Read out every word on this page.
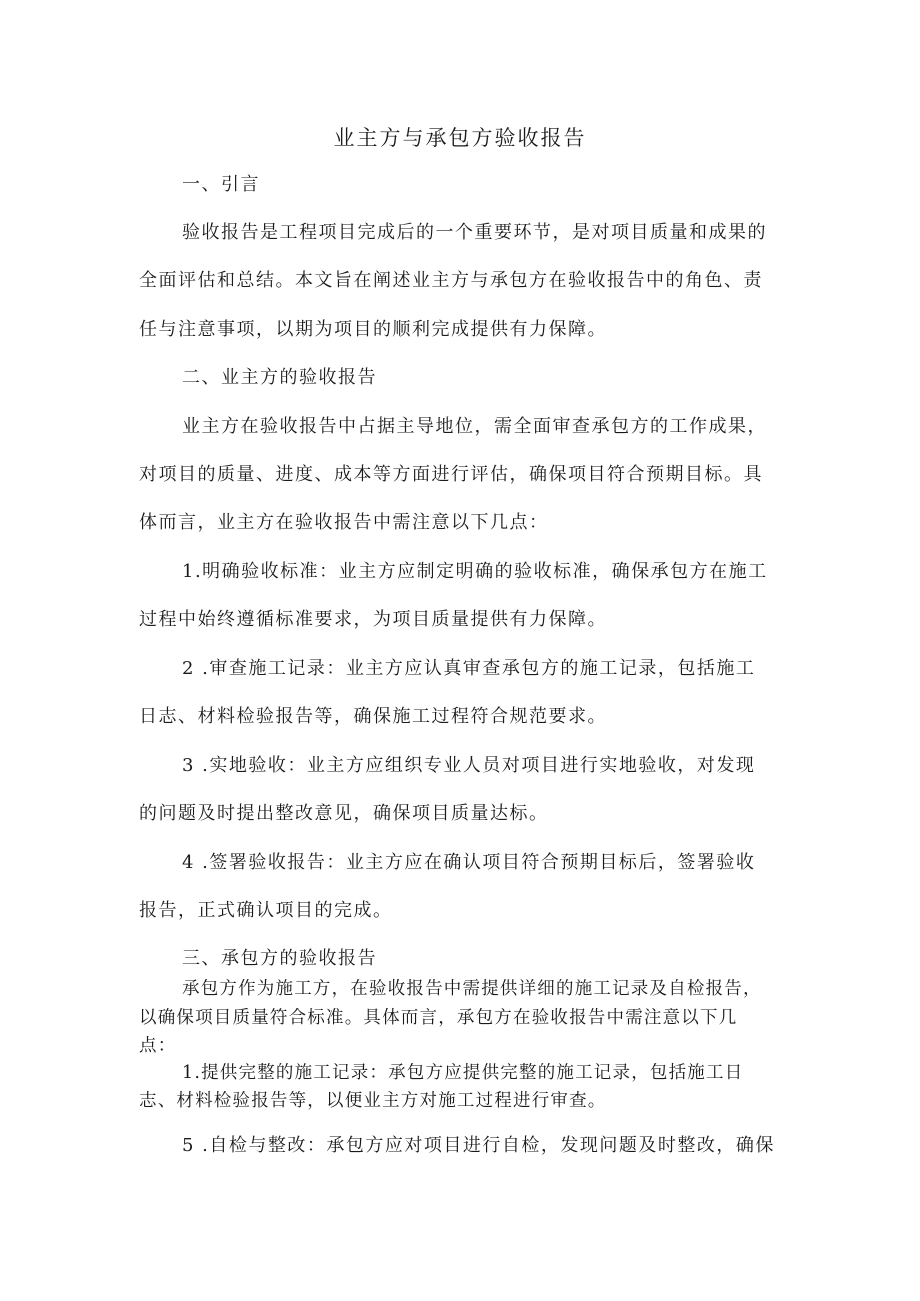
业主方与承包方验收报告

一、引言

验收报告是工程项目完成后的一个重要环节，是对项目质量和成果的

全面评估和总结。本文旨在阐述业主方与承包方在验收报告中的角色、责

任与注意事项，以期为项目的顺利完成提供有力保障。

二、业主方的验收报告

业主方在验收报告中占据主导地位，需全面审查承包方的工作成果，

对项目的质量、进度、成本等方面进行评估，确保项目符合预期目标。具

体而言，业主方在验收报告中需注意以下几点：

1.明确验收标准：业主方应制定明确的验收标准，确保承包方在施工

过程中始终遵循标准要求，为项目质量提供有力保障。

2 .审查施工记录：业主方应认真审查承包方的施工记录，包括施工

日志、材料检验报告等，确保施工过程符合规范要求。

3 .实地验收：业主方应组织专业人员对项目进行实地验收，对发现

的问题及时提出整改意见，确保项目质量达标。

4 .签署验收报告：业主方应在确认项目符合预期目标后，签署验收

报告，正式确认项目的完成。

三、承包方的验收报告

承包方作为施工方，在验收报告中需提供详细的施工记录及自检报告，

以确保项目质量符合标准。具体而言，承包方在验收报告中需注意以下几

点：

1.提供完整的施工记录：承包方应提供完整的施工记录，包括施工日

志、材料检验报告等，以便业主方对施工过程进行审查。

5 .自检与整改：承包方应对项目进行自检，发现问题及时整改，确保
